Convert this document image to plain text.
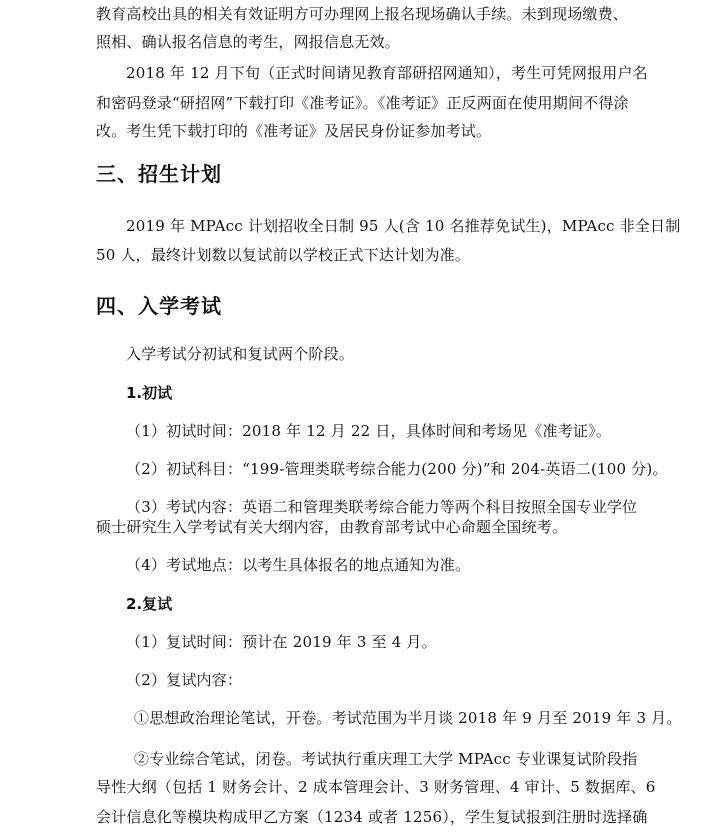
教育高校出具的相关有效证明方可办理网上报名现场确认手续。未到现场缴费、
照相、确认报名信息的考生，网报信息无效。
2018 年 12 月下旬（正式时间请见教育部研招网通知），考生可凭网报用户名
和密码登录“研招网”下载打印《准考证》。《准考证》正反两面在使用期间不得涂
改。考生凭下载打印的《准考证》及居民身份证参加考试。
三、招生计划
2019 年 MPAcc 计划招收全日制 95 人(含 10 名推荐免试生)，MPAcc 非全日制
50 人，最终计划数以复试前以学校正式下达计划为准。
四、入学考试
入学考试分初试和复试两个阶段。
1.初试
（1）初试时间：2018 年 12 月 22 日，具体时间和考场见《准考证》。
（2）初试科目：“199-管理类联考综合能力(200 分)”和 204-英语二(100 分)。
（3）考试内容：英语二和管理类联考综合能力等两个科目按照全国专业学位
硕士研究生入学考试有关大纲内容，由教育部考试中心命题全国统考。
（4）考试地点：以考生具体报名的地点通知为准。
2.复试
（1）复试时间：预计在 2019 年 3 至 4 月。
（2）复试内容：
①思想政治理论笔试，开卷。考试范围为半月谈 2018 年 9 月至 2019 年 3 月。
②专业综合笔试，闭卷。考试执行重庆理工大学 MPAcc 专业课复试阶段指
导性大纲（包括 1 财务会计、2 成本管理会计、3 财务管理、4 审计、5 数据库、6
会计信息化等模块构成甲乙方案（1234 或者 1256），学生复试报到注册时选择确
